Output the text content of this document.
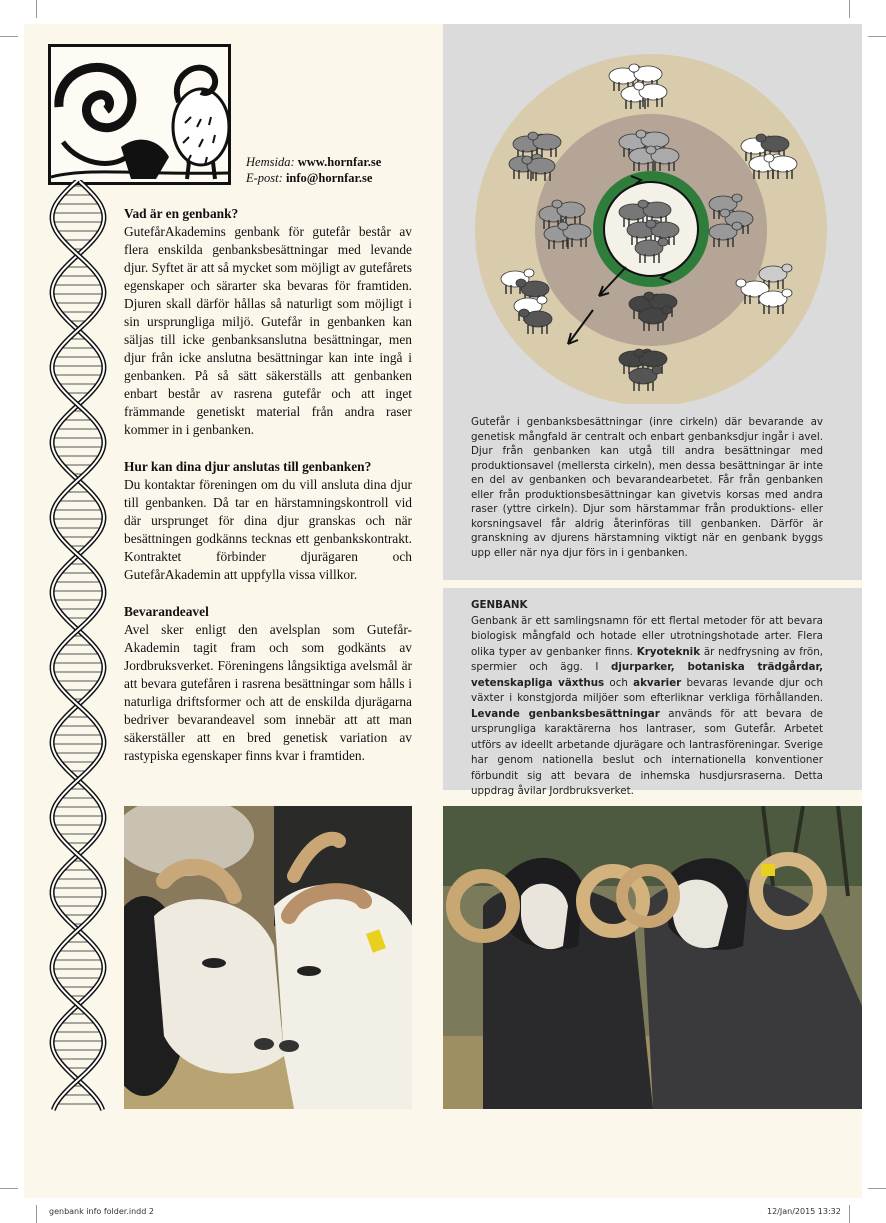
Hemsida: www.hornfar.se
E-post: info@hornfar.se
Vad är en genbank?

GutefårAkademins genbank för gutefår består av flera enskilda genbanksbesättningar med levande djur. Syftet är att så mycket som möjligt av gutefårets egenskaper och särarter ska bevaras för framtiden. Djuren skall därför hållas så naturligt som möjligt i sin ursprungliga miljö. Gutefår in genbanken kan säljas till icke genbanksanslutna besättningar, men djur från icke anslutna besättningar kan inte ingå i genbanken. På så sätt säkerställs att genbanken enbart består av rasrena gutefår och att inget främmande genetiskt material från andra raser kommer in i genbanken.

Hur kan dina djur anslutas till genbanken?

Du kontaktar föreningen om du vill ansluta dina djur till genbanken. Då tar en härstamningskontroll vid där ursprunget för dina djur granskas och när besättningen godkänns tecknas ett genbankskontrakt. Kontraktet förbinder djurägaren och GutefårAkademin att uppfylla vissa villkor.

Bevarandeavel

Avel sker enligt den avelsplan som Gutefår-Akademin tagit fram och som godkänts av Jordbruksverket. Föreningens långsiktiga avelsmål är att bevara gutefåren i rasrena besättningar som hålls i naturliga driftsformer och att de enskilda djurägarna bedriver bevarandeavel som innebär att att man säkerställer att en bred genetisk variation av rastypiska egenskaper finns kvar i framtiden.

Gutefår i genbanksbesättningar (inre cirkeln) där bevarande av genetisk mångfald är centralt och enbart genbanksdjur ingår i avel. Djur från genbanken kan utgå till andra besättningar med produktionsavel (mellersta cirkeln), men dessa besättningar är inte en del av genbanken och bevarandearbetet. Får från genbanken eller från produktionsbesättningar kan givetvis korsas med andra raser (yttre cirkeln). Djur som härstammar från produktions- eller korsningsavel får aldrig återinföras till genbanken. Därför är granskning av djurens härstamning viktigt när en genbank byggs upp eller när nya djur förs in i genbanken.
GENBANK
Genbank är ett samlingsnamn för ett flertal metoder för att bevara biologisk mångfald och hotade eller utrotningshotade arter. Flera olika typer av genbanker finns. Kryoteknik är nedfrysning av frön, spermier och ägg. I djurparker, botaniska trädgårdar, vetenskapliga växthus och akvarier bevaras levande djur och växter i konstgjorda miljöer som efterliknar verkliga förhållanden. Levande genbanksbesättningar används för att bevara de ursprungliga karaktärerna hos lantraser, som Gutefår. Arbetet utförs av ideellt arbetande djurägare och lantrasföreningar. Sverige har genom nationella beslut och internationella konventioner förbundit sig att bevara de inhemska husdjursraserna. Detta uppdrag åvilar Jordbruksverket.
genbank info folder.indd 2	12/Jan/2015 13:32
